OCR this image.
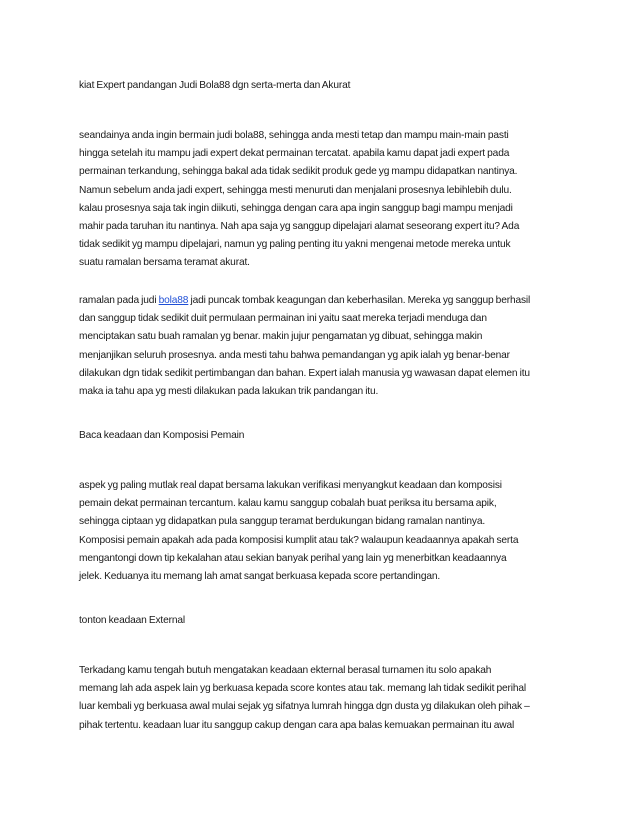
kiat Expert pandangan Judi Bola88 dgn serta-merta dan Akurat

seandainya anda ingin bermain judi bola88, sehingga anda mesti tetap dan mampu main-main pasti
hingga setelah itu mampu jadi expert dekat permainan tercatat. apabila kamu dapat jadi expert pada
permainan terkandung, sehingga bakal ada tidak sedikit produk gede yg mampu didapatkan nantinya.
Namun sebelum anda jadi expert, sehingga mesti menuruti dan menjalani prosesnya lebihlebih dulu.
kalau prosesnya saja tak ingin diikuti, sehingga dengan cara apa ingin sanggup bagi mampu menjadi
mahir pada taruhan itu nantinya. Nah apa saja yg sanggup dipelajari alamat seseorang expert itu? Ada
tidak sedikit yg mampu dipelajari, namun yg paling penting itu yakni mengenai metode mereka untuk
suatu ramalan bersama teramat akurat.
ramalan pada judi bola88 jadi puncak tombak keagungan dan keberhasilan. Mereka yg sanggup berhasil
dan sanggup tidak sedikit duit permulaan permainan ini yaitu saat mereka terjadi menduga dan
menciptakan satu buah ramalan yg benar. makin jujur pengamatan yg dibuat, sehingga makin
menjanjikan seluruh prosesnya. anda mesti tahu bahwa pemandangan yg apik ialah yg benar-benar
dilakukan dgn tidak sedikit pertimbangan dan bahan. Expert ialah manusia yg wawasan dapat elemen itu
maka ia tahu apa yg mesti dilakukan pada lakukan trik pandangan itu.

Baca keadaan dan Komposisi Pemain

aspek yg paling mutlak real dapat bersama lakukan verifikasi menyangkut keadaan dan komposisi
pemain dekat permainan tercantum. kalau kamu sanggup cobalah buat periksa itu bersama apik,
sehingga ciptaan yg didapatkan pula sanggup teramat berdukungan bidang ramalan nantinya.
Komposisi pemain apakah ada pada komposisi kumplit atau tak? walaupun keadaannya apakah serta
mengantongi down tip kekalahan atau sekian banyak perihal yang lain yg menerbitkan keadaannya
jelek. Keduanya itu memang lah amat sangat berkuasa kepada score pertandingan.

tonton keadaan External

Terkadang kamu tengah butuh mengatakan keadaan ekternal berasal turnamen itu solo apakah
memang lah ada aspek lain yg berkuasa kepada score kontes atau tak. memang lah tidak sedikit perihal
luar kembali yg berkuasa awal mulai sejak yg sifatnya lumrah hingga dgn dusta yg dilakukan oleh pihak –
pihak tertentu. keadaan luar itu sanggup cakup dengan cara apa balas kemuakan permainan itu awal
